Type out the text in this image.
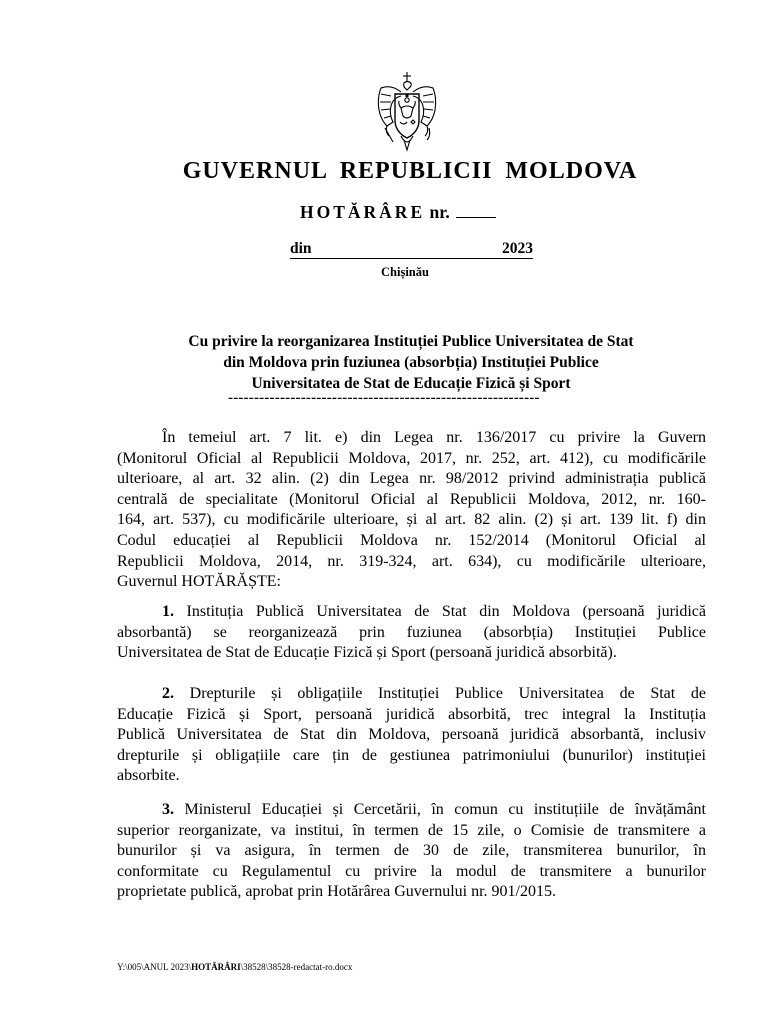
GUVERNUL REPUBLICII MOLDOVA
HOTĂRÂRE nr.
din	2023
Chișinău
Cu privire la reorganizarea Instituției Publice Universitatea de Stat
din Moldova prin fuziunea (absorbția) Instituției Publice
Universitatea de Stat de Educație Fizică și Sport
------------------------------------------------------------
În temeiul art. 7 lit. e) din Legea nr. 136/2017 cu privire la Guvern
(Monitorul Oficial al Republicii Moldova, 2017, nr. 252, art. 412), cu modificările
ulterioare, al art. 32 alin. (2) din Legea nr. 98/2012 privind administrația publică
centrală de specialitate (Monitorul Oficial al Republicii Moldova, 2012, nr. 160-
164, art. 537), cu modificările ulterioare, și al art. 82 alin. (2) și art. 139 lit. f) din
Codul educației al Republicii Moldova nr. 152/2014 (Monitorul Oficial al
Republicii Moldova, 2014, nr. 319-324, art. 634), cu modificările ulterioare,
Guvernul HOTĂRĂȘTE:
1. Instituția Publică Universitatea de Stat din Moldova (persoană juridică
absorbantă) se reorganizează prin fuziunea (absorbția) Instituției Publice
Universitatea de Stat de Educație Fizică și Sport (persoană juridică absorbită).
2. Drepturile și obligațiile Instituției Publice Universitatea de Stat de
Educație Fizică și Sport, persoană juridică absorbită, trec integral la Instituția
Publică Universitatea de Stat din Moldova, persoană juridică absorbantă, inclusiv
drepturile și obligațiile care țin de gestiunea patrimoniului (bunurilor) instituției
absorbite.
3. Ministerul Educației și Cercetării, în comun cu instituțiile de învățământ
superior reorganizate, va institui, în termen de 15 zile, o Comisie de transmitere a
bunurilor și va asigura, în termen de 30 de zile, transmiterea bunurilor, în
conformitate cu Regulamentul cu privire la modul de transmitere a bunurilor
proprietate publică, aprobat prin Hotărârea Guvernului nr. 901/2015.
Y:\005\ANUL 2023\HOTĂRÂRI\38528\38528-redactat-ro.docx
